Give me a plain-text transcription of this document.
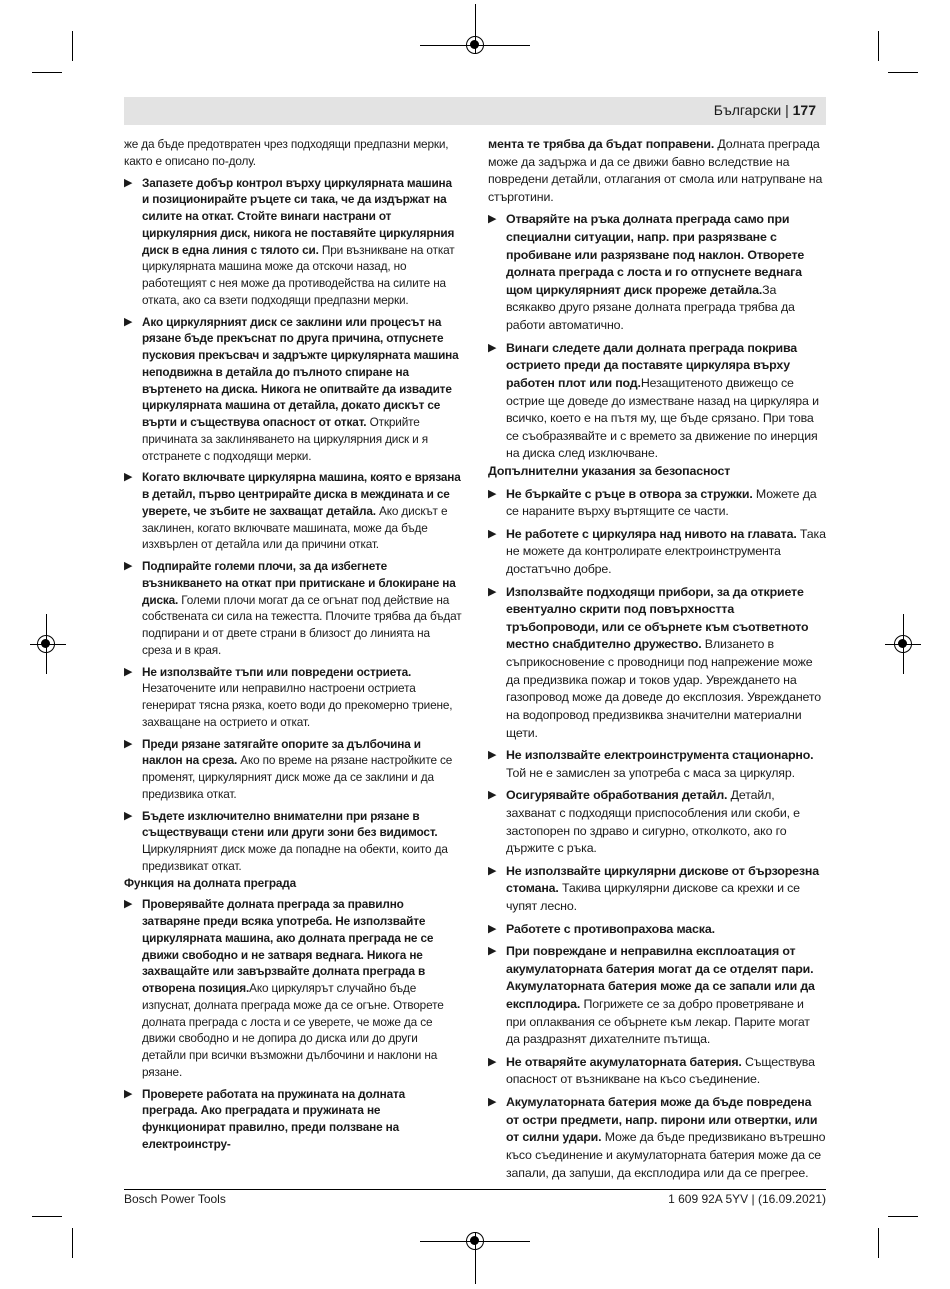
Български | 177

же да бъде предотвратен чрез подходящи предпазни мерки, както е описано по-долу.

▶ Запазете добър контрол върху циркулярната машина и позиционирайте ръцете си така, че да издържат на силите на откат. Стойте винаги настрани от циркулярния диск, никога не поставяйте циркулярния диск в една линия с тялото си. При възникване на откат циркулярната машина може да отскочи назад, но работещият с нея може да противодейства на силите на отката, ако са взети подходящи предпазни мерки.
▶ Ако циркулярният диск се заклини или процесът на рязане бъде прекъснат по друга причина, отпуснете пусковия прекъсвач и задръжте циркулярната машина неподвижна в детайла до пълното спиране на въртенето на диска. Никога не опитвайте да извадите циркулярната машина от детайла, докато дискът се върти и съществува опасност от откат. Открийте причината за заклиняването на циркулярния диск и я отстранете с подходящи мерки.
▶ Когато включвате циркулярна машина, която е врязана в детайл, първо центрирайте диска в междината и се уверете, че зъбите не захващат детайла. Ако дискът е заклинен, когато включвате машината, може да бъде изхвърлен от детайла или да причини откат.
▶ Подпирайте големи плочи, за да избегнете възникването на откат при притискане и блокиране на диска. Големи плочи могат да се огънат под действие на собствената си сила на тежестта. Плочите трябва да бъдат подпирани и от двете страни в близост до линията на среза и в края.
▶ Не използвайте тъпи или повредени остриета. Незаточените или неправилно настроени остриета генерират тясна рязка, което води до прекомерно триене, захващане на острието и откат.
▶ Преди рязане затягайте опорите за дълбочина и наклон на среза. Ако по време на рязане настройките се променят, циркулярният диск може да се заклини и да предизвика откат.
▶ Бъдете изключително внимателни при рязане в съществуващи стени или други зони без видимост. Циркулярният диск може да попадне на обекти, които да предизвикат откат.

Функция на долната преграда

▶ Проверявайте долната преграда за правилно затваряне преди всяка употреба. Не използвайте циркулярната машина, ако долната преграда не се движи свободно и не затваря веднага. Никога не захващайте или завързвайте долната преграда в отворена позиция.Ако циркулярът случайно бъде изпуснат, долната преграда може да се огъне. Отворете долната преграда с лоста и се уверете, че може да се движи свободно и не допира до диска или до други детайли при всички възможни дълбочини и наклони на рязане.
▶ Проверете работата на пружината на долната преграда. Ако преградата и пружината не функционират правилно, преди ползване на електроинстру-

мента те трябва да бъдат поправени. Долната преграда може да задържа и да се движи бавно вследствие на повредени детайли, отлагания от смола или натрупване на стърготини.

▶ Отваряйте на ръка долната преграда само при специални ситуации, напр. при разрязване с пробиване или разрязване под наклон. Отворете долната преграда с лоста и го отпуснете веднага щом циркулярният диск прореже детайла.За всякакво друго рязане долната преграда трябва да работи автоматично.
▶ Винаги следете дали долната преграда покрива острието преди да поставяте циркуляра върху работен плот или под.Незащитеното движещо се острие ще доведе до изместване назад на циркуляра и всичко, което е на пътя му, ще бъде срязано. При това се съобразявайте и с времето за движение по инерция на диска след изключване.

Допълнителни указания за безопасност

▶ Не бъркайте с ръце в отвора за стружки. Можете да се нараните върху въртящите се части.
▶ Не работете с циркуляра над нивото на главата. Така не можете да контролирате електроинструмента достатъчно добре.
▶ Използвайте подходящи прибори, за да откриете евентуално скрити под повърхността тръбопроводи, или се обърнете към съответното местно снабдително дружество. Влизането в съприкосновение с проводници под напрежение може да предизвика пожар и токов удар. Увреждането на газопровод може да доведе до експлозия. Увреждането на водопровод предизвиква значителни материални щети.
▶ Не използвайте електроинструмента стационарно. Той не е замислен за употреба с маса за циркуляр.
▶ Осигурявайте обработвания детайл. Детайл, захванат с подходящи приспособления или скоби, е застопорен по здраво и сигурно, отколкото, ако го държите с ръка.
▶ Не използвайте циркулярни дискове от бързорезна стомана. Такива циркулярни дискове са крехки и се чупят лесно.
▶ Работете с противопрахова маска.
▶ При повреждане и неправилна експлоатация от акумулаторната батерия могат да се отделят пари. Акумулаторната батерия може да се запали или да експлодира. Погрижете се за добро проветряване и при оплаквания се обърнете към лекар. Парите могат да раздразнят дихателните пътища.
▶ Не отваряйте акумулаторната батерия. Съществува опасност от възникване на късо съединение.
▶ Акумулаторната батерия може да бъде повредена от остри предмети, напр. пирони или отвертки, или от силни удари. Може да бъде предизвикано вътрешно късо съединение и акумулаторната батерия може да се запали, да запуши, да експлодира или да се прегрее.
Bosch Power Tools	1 609 92A 5YV | (16.09.2021)
